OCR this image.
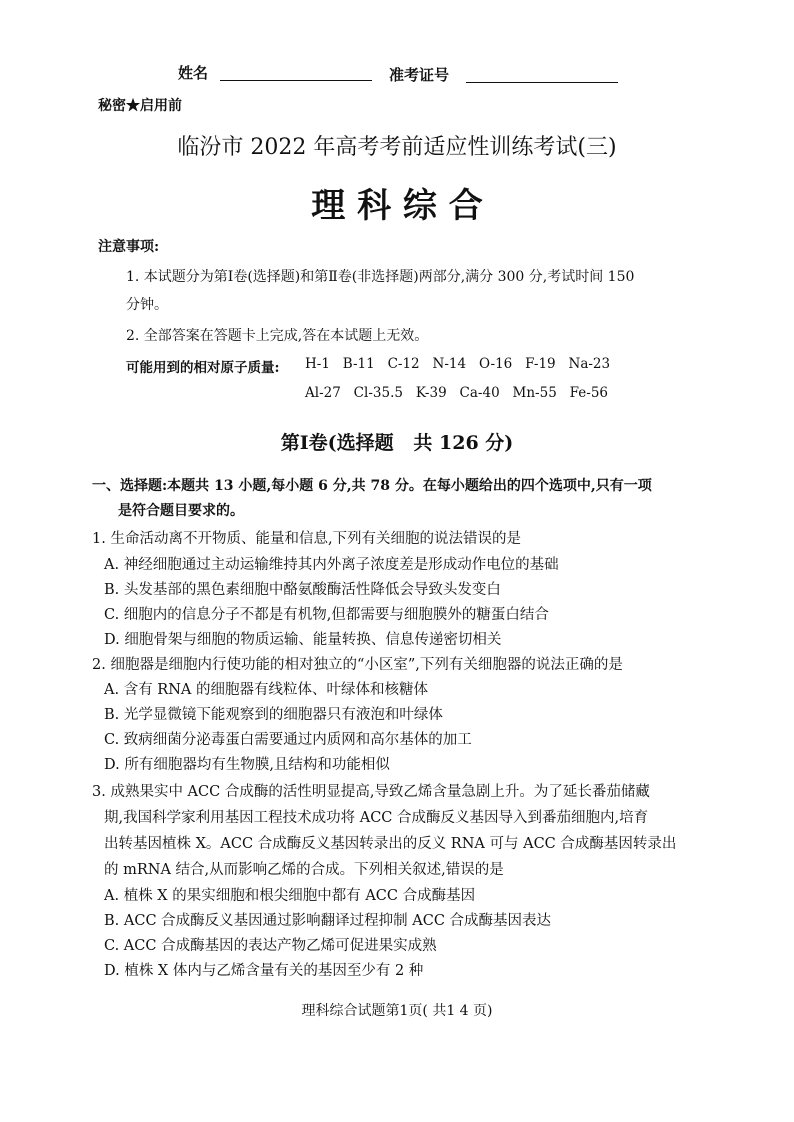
姓名	准考证号
秘密★启用前
临汾市 2022 年高考考前适应性训练考试(三)
理 科 综 合
注意事项:
1. 本试题分为第Ⅰ卷(选择题)和第Ⅱ卷(非选择题)两部分,满分 300 分,考试时间 150
分钟。
2. 全部答案在答题卡上完成,答在本试题上无效。
可能用到的相对原子质量: H-1   B-11   C-12   N-14   O-16   F-19   Na-23
Al-27   Cl-35.5   K-39   Ca-40   Mn-55   Fe-56
第Ⅰ卷(选择题   共 126 分)
一、选择题:本题共 13 小题,每小题 6 分,共 78 分。在每小题给出的四个选项中,只有一项
是符合题目要求的。
1. 生命活动离不开物质、能量和信息,下列有关细胞的说法错误的是
A. 神经细胞通过主动运输维持其内外离子浓度差是形成动作电位的基础
B. 头发基部的黑色素细胞中酪氨酸酶活性降低会导致头发变白
C. 细胞内的信息分子不都是有机物,但都需要与细胞膜外的糖蛋白结合
D. 细胞骨架与细胞的物质运输、能量转换、信息传递密切相关
2. 细胞器是细胞内行使功能的相对独立的“小区室”,下列有关细胞器的说法正确的是
A. 含有 RNA 的细胞器有线粒体、叶绿体和核糖体
B. 光学显微镜下能观察到的细胞器只有液泡和叶绿体
C. 致病细菌分泌毒蛋白需要通过内质网和高尔基体的加工
D. 所有细胞器均有生物膜,且结构和功能相似
3. 成熟果实中 ACC 合成酶的活性明显提高,导致乙烯含量急剧上升。为了延长番茄储藏
期,我国科学家利用基因工程技术成功将 ACC 合成酶反义基因导入到番茄细胞内,培育
出转基因植株 X。ACC 合成酶反义基因转录出的反义 RNA 可与 ACC 合成酶基因转录出
的 mRNA 结合,从而影响乙烯的合成。下列相关叙述,错误的是
A. 植株 X 的果实细胞和根尖细胞中都有 ACC 合成酶基因
B. ACC 合成酶反义基因通过影响翻译过程抑制 ACC 合成酶基因表达
C. ACC 合成酶基因的表达产物乙烯可促进果实成熟
D. 植株 X 体内与乙烯含量有关的基因至少有 2 种
理科综合试题第1页( 共1 4 页)
